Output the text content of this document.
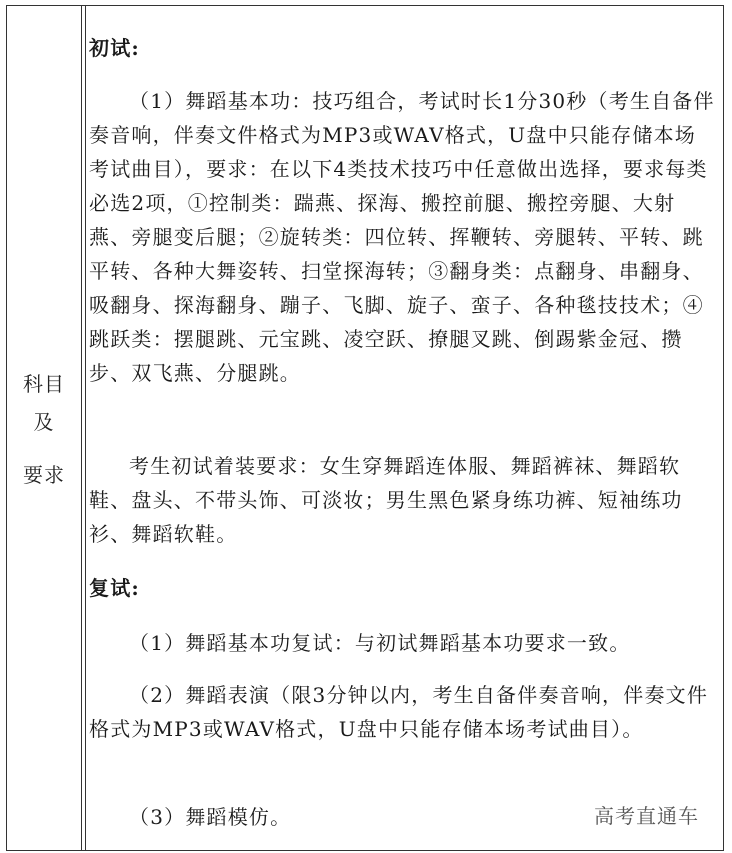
科目
及
要求
初试:

（1）舞蹈基本功：技巧组合，考试时长1分30秒（考生自备伴奏音响，伴奏文件格式为MP3或WAV格式，U盘中只能存储本场考试曲目），要求：在以下4类技术技巧中任意做出选择，要求每类必选2项，①控制类：踹燕、探海、搬控前腿、搬控旁腿、大射燕、旁腿变后腿；②旋转类：四位转、挥鞭转、旁腿转、平转、跳平转、各种大舞姿转、扫堂探海转；③翻身类：点翻身、串翻身、吸翻身、探海翻身、蹦子、飞脚、旋子、蛮子、各种毯技技术；④跳跃类：摆腿跳、元宝跳、凌空跃、撩腿叉跳、倒踢紫金冠、攒步、双飞燕、分腿跳。

考生初试着装要求：女生穿舞蹈连体服、舞蹈裤袜、舞蹈软鞋、盘头、不带头饰、可淡妆；男生黑色紧身练功裤、短袖练功衫、舞蹈软鞋。

复试:

（1）舞蹈基本功复试：与初试舞蹈基本功要求一致。

（2）舞蹈表演（限3分钟以内，考生自备伴奏音响，伴奏文件格式为MP3或WAV格式，U盘中只能存储本场考试曲目）。

（3）舞蹈模仿。	高考直通车
